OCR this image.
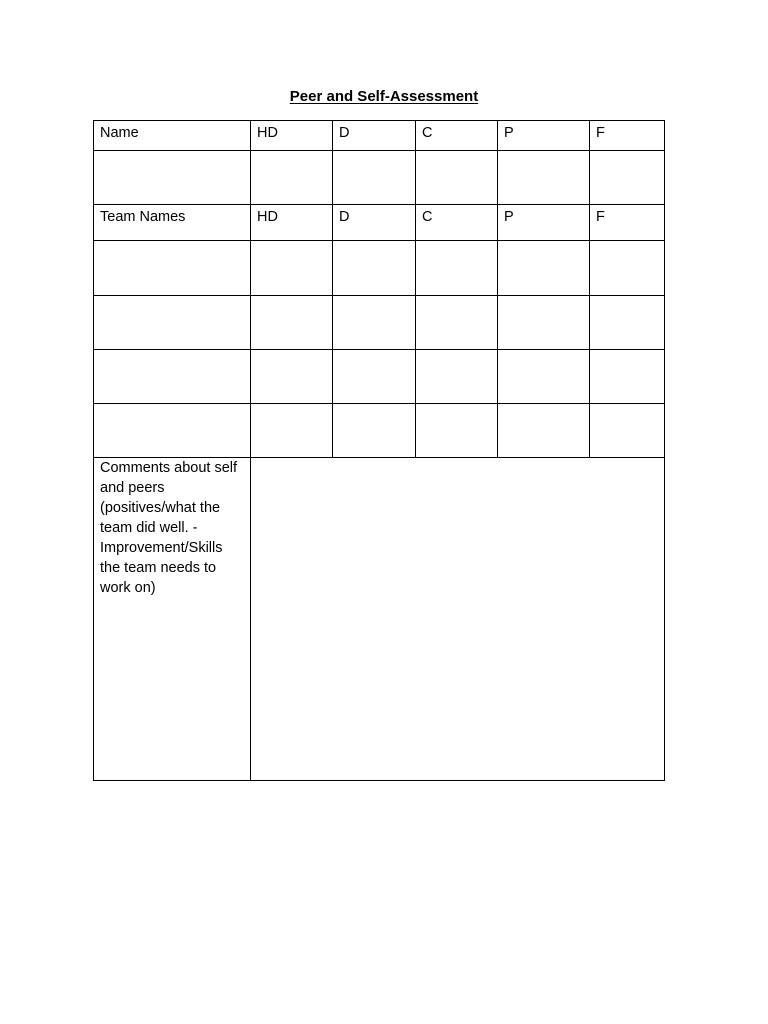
Peer and Self-Assessment
Name	HD	D	C	P	F

Team Names	HD	D	C	P	F

Comments about self and peers (positives/what the team did well. - Improvement/Skills the team needs to work on)					
